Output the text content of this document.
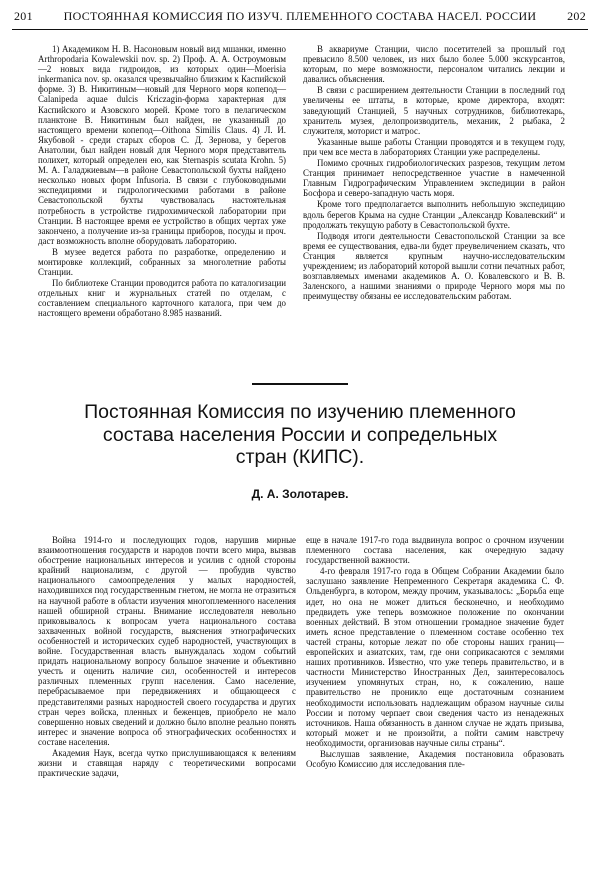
201	ПОСТОЯННАЯ КОМИССИЯ ПО ИЗУЧ. ПЛЕМЕННОГО СОСТАВА НАСЕЛ. РОССИИ	202

1) Академиком Н. В. Насоновым новый вид мшанки, именно Arthropodaria Kowalewskii nov. sp. 2) Проф. А. А. Остроумовым—2 новых вида гидроидов, из которых один—Moerisia inkermanica nov. sp. оказался чрезвычайно близким к Каспийской форме. 3) В. Никитиным—новый для Черного моря копепод—Calanipeda aquae dulcis Kriczagin-форма характерная для Каспийского и Азовского морей. Кроме того в пелагическом планктоне В. Никитиным был найден, не указанный до настоящего времени копепод—Oithona Similis Claus. 4) Л. И. Якубовой - среди старых сборов С. Д. Зернова, у берегов Анатолии, был найден новый для Черного моря представитель полихет, который определен ею, как Sternaspis scutata Krohn. 5) М. А. Галаджиевым—в районе Севастопольской бухты найдено несколько новых форм Infusoria. В связи с глубоководными экспедициями и гидрологическими работами в районе Севастопольской бухты чувствовалась настоятельная потребность в устройстве гидрохимической лаборатории при Станции. В настоящее время ее устройство в общих чертах уже закончено, а получение из-за границы приборов, посуды и проч. даст возможность вполне оборудовать лабораторию.

В музее ведется работа по разработке, определению и монтировке коллекций, собранных за многолетние работы Станции.

По библиотеке Станции проводится работа по каталогизации отдельных книг и журнальных статей по отделам, с составлением специального карточного каталога, при чем до настоящего времени обработано 8.985 названий.

В аквариуме Станции, число посетителей за прошлый год превысило 8.500 человек, из них было более 5.000 экскурсантов, которым, по мере возможности, персоналом читались лекции и давались объяснения.

В связи с расширением деятельности Станции в последний год увеличены ее штаты, в которые, кроме директора, входят: заведующий Станцией, 5 научных сотрудников, библиотекарь, хранитель музея, делопроизводитель, механик, 2 рыбака, 2 служителя, моторист и матрос.

Указанные выше работы Станции проводятся и в текущем году, при чем все места в лабораториях Станции уже распределены.

Помимо срочных гидробиологических разрезов, текущим летом Станция принимает непосредственное участие в намеченной Главным Гидрографическим Управлением экспедиции в район Босфора и северо-западную часть моря.

Кроме того предполагается выполнить небольшую экспедицию вдоль берегов Крыма на судне Станции „Александр Ковалевский“ и продолжать текущую работу в Севастопольской бухте.

Подводя итоги деятельности Севастопольской Станции за все время ее существования, едва-ли будет преувеличением сказать, что Станция является крупным научно-исследовательским учреждением; из лабораторий которой вышли сотни печатных работ, возглавляемых именами академиков А. О. Ковалевского и В. В. Заленского, а нашими знаниями о природе Черного моря мы по преимуществу обязаны ее исследовательским работам.

Постоянная Комиссия по изучению племенного
состава населения России и сопредельных
стран (КИПС).
Д. А. Золотарев.

Война 1914-го и последующих годов, нарушив мирные взаимоотношения государств и народов почти всего мира, вызвав обострение национальных интересов и усилив с одной стороны крайний национализм, с другой — пробудив чувство национального самоопределения у малых народностей, находившихся под государственным гнетом, не могла не отразиться на научной работе в области изучения многоплеменного населения нашей обширной страны. Внимание исследователя невольно приковывалось к вопросам учета национального состава захваченных войной государств, выяснения этнографических особенностей и исторических судеб народностей, участвующих в войне. Государственная власть вынуждалась ходом событий придать национальному вопросу большое значение и объективно учесть и оценить наличие сил, особенностей и интересов различных племенных групп населения. Само население, перебрасываемое при передвижениях и общающееся с представителями разных народностей своего государства и других стран через войска, пленных и беженцев, приобрело не мало совершенно новых сведений и должно было вполне реально понять интерес и значение вопроса об этнографических особенностях и составе населения.

Академия Наук, всегда чутко прислушивающаяся к велениям жизни и ставящая наряду с теоретическими вопросами практические задачи,

еще в начале 1917-го года выдвинула вопрос о срочном изучении племенного состава населения, как очередную задачу государственной важности.

4-го февраля 1917-го года в Общем Собрании Академии было заслушано заявление Непременного Секретаря академика С. Ф. Ольденбурга, в котором, между прочим, указывалось: „Борьба еще идет, но она не может длиться бесконечно, и необходимо предвидеть уже теперь возможное положение по окончании военных действий. В этом отношении громадное значение будет иметь ясное представление о племенном составе особенно тех частей страны, которые лежат по обе стороны наших границ—европейских и азиатских, там, где они соприкасаются с землями наших противников. Известно, что уже теперь правительство, и в частности Министерство Иностранных Дел, заинтересовалось изучением упомянутых стран, но, к сожалению, наше правительство не проникло еще достаточным сознанием необходимости использовать надлежащим образом научные силы России и потому черпает свои сведения часто из ненадежных источников. Наша обязанность в данном случае не ждать призыва, который может и не произойти, а пойти самим навстречу необходимости, организовав научные силы страны“.

Выслушав заявление, Академия постановила образовать Особую Комиссию для исследования пле-
